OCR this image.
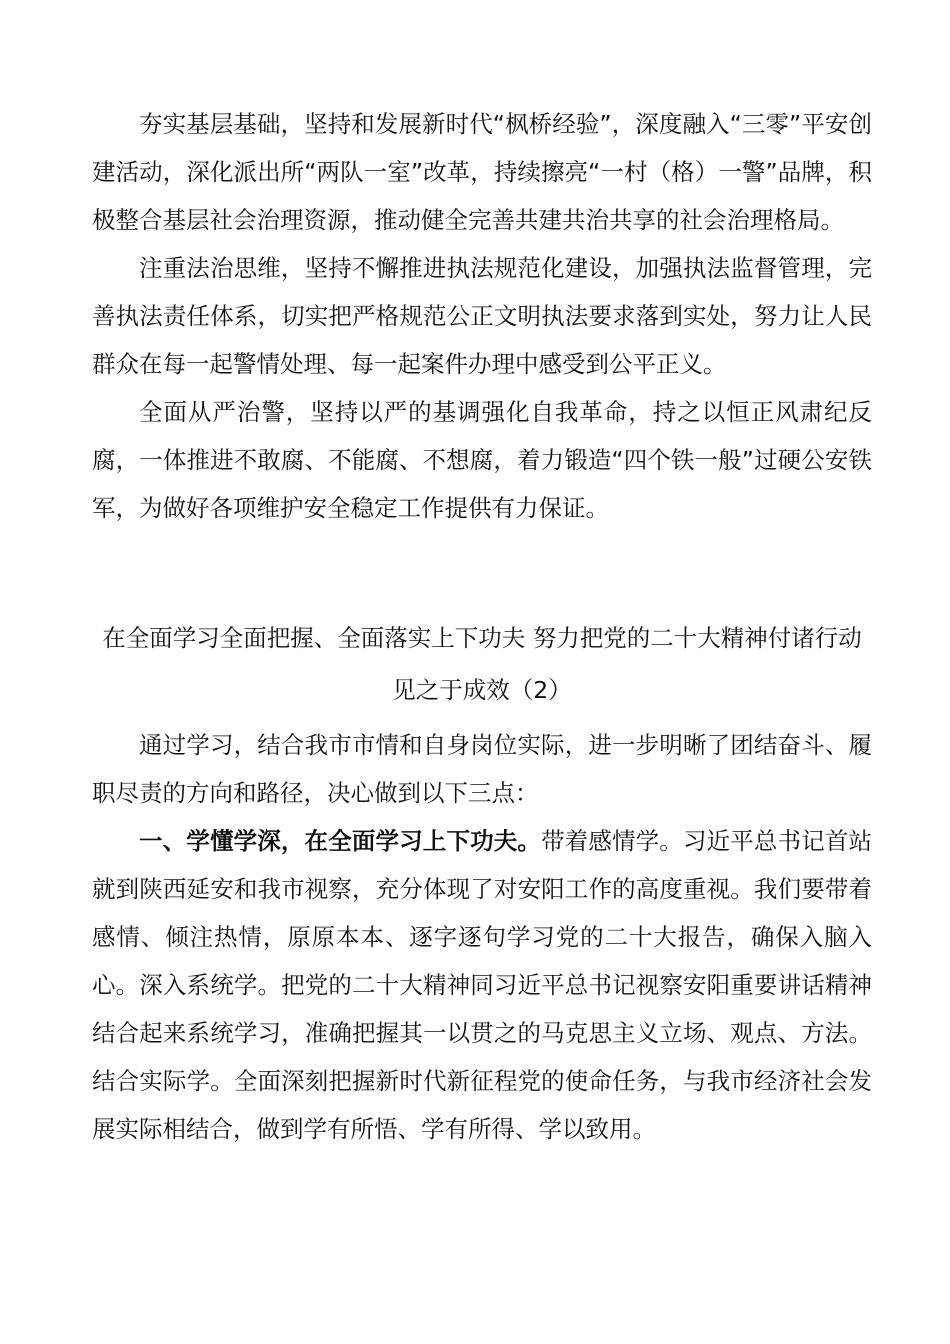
夯实基层基础，坚持和发展新时代“枫桥经验”，深度融入“三零”平安创建活动，深化派出所“两队一室”改革，持续擦亮“一村（格）一警”品牌，积极整合基层社会治理资源，推动健全完善共建共治共享的社会治理格局。

注重法治思维，坚持不懈推进执法规范化建设，加强执法监督管理，完善执法责任体系，切实把严格规范公正文明执法要求落到实处，努力让人民群众在每一起警情处理、每一起案件办理中感受到公平正义。

全面从严治警，坚持以严的基调强化自我革命，持之以恒正风肃纪反腐，一体推进不敢腐、不能腐、不想腐，着力锻造“四个铁一般”过硬公安铁军，为做好各项维护安全稳定工作提供有力保证。

在全面学习全面把握、全面落实上下功夫 努力把党的二十大精神付诸行动见之于成效（2）

通过学习，结合我市市情和自身岗位实际，进一步明晰了团结奋斗、履职尽责的方向和路径，决心做到以下三点：

一、学懂学深，在全面学习上下功夫。带着感情学。习近平总书记首站就到陕西延安和我市视察，充分体现了对安阳工作的高度重视。我们要带着感情、倾注热情，原原本本、逐字逐句学习党的二十大报告，确保入脑入心。深入系统学。把党的二十大精神同习近平总书记视察安阳重要讲话精神结合起来系统学习，准确把握其一以贯之的马克思主义立场、观点、方法。结合实际学。全面深刻把握新时代新征程党的使命任务，与我市经济社会发展实际相结合，做到学有所悟、学有所得、学以致用。
